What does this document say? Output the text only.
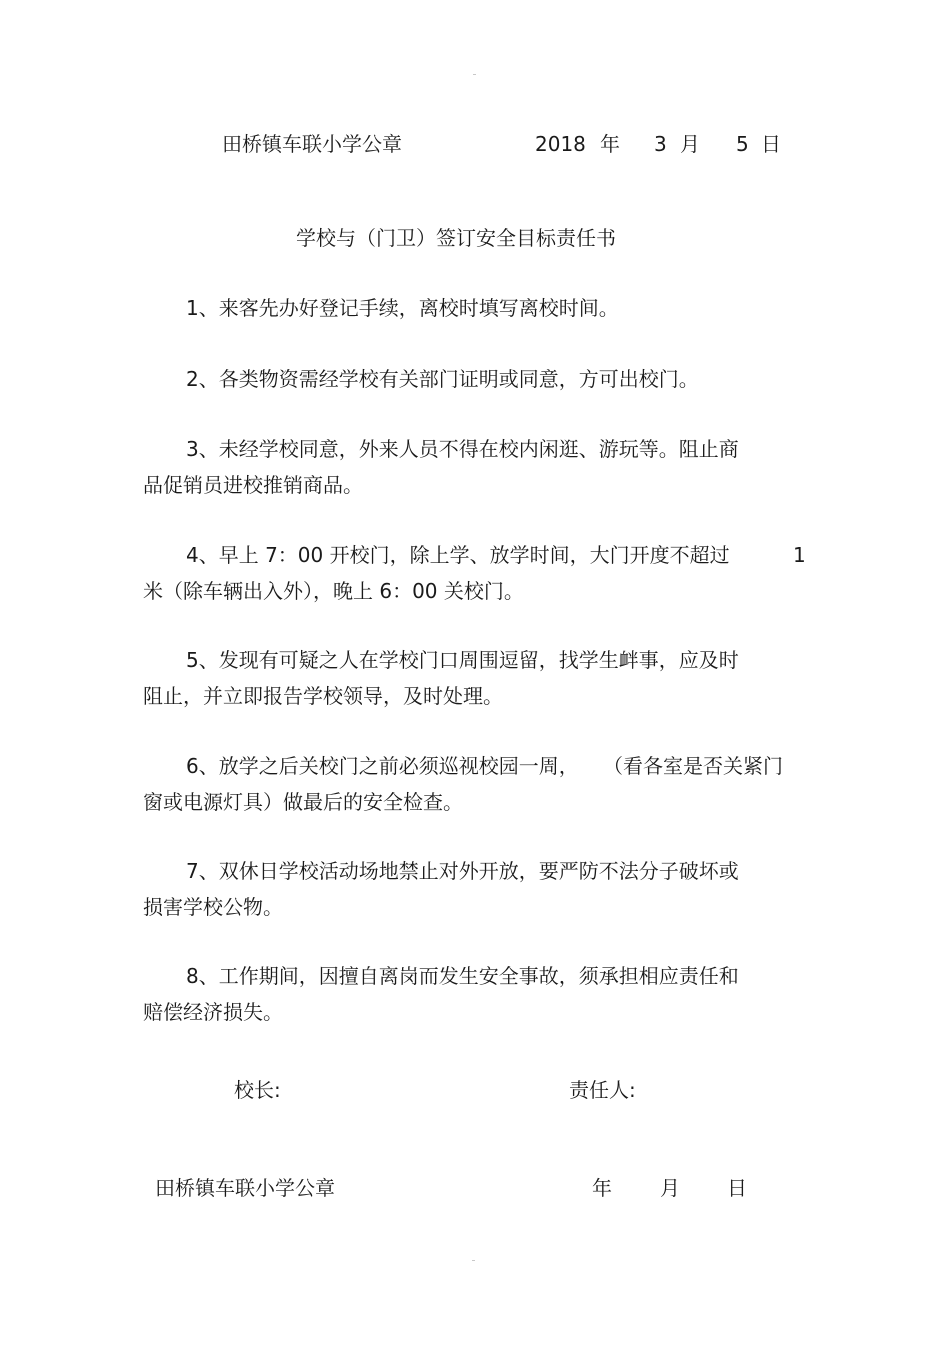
田桥镇车联小学公章	2018 年 3 月 5 日
学校与（门卫）签订安全目标责任书
1、来客先办好登记手续，离校时填写离校时间。
2、各类物资需经学校有关部门证明或同意，方可出校门。
3、未经学校同意，外来人员不得在校内闲逛、游玩等。阻止商
品促销员进校推销商品。
4、早上 7：00 开校门，除上学、放学时间，大门开度不超过	1
米（除车辆出入外），晚上 6：00 关校门。
5、发现有可疑之人在学校门口周围逗留，找学生衅事，应及时
阻止，并立即报告学校领导，及时处理。
6、放学之后关校门之前必须巡视校园一周， （看各室是否关紧门
窗或电源灯具）做最后的安全检查。
7、双休日学校活动场地禁止对外开放，要严防不法分子破坏或
损害学校公物。
8、工作期间，因擅自离岗而发生安全事故，须承担相应责任和
赔偿经济损失。
校长:	责任人:
田桥镇车联小学公章	年 月 日
